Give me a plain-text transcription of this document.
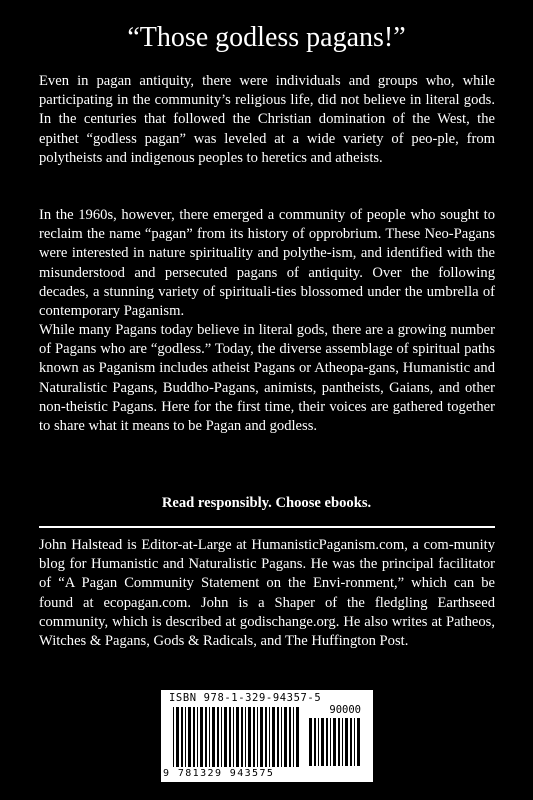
“Those godless pagans!”

Even in pagan antiquity, there were individuals and groups who, while participating in the community’s religious life, did not believe in literal gods. In the centuries that followed the Christian domination of the West, the epithet “godless pagan” was leveled at a wide variety of peo-ple, from polytheists and indigenous peoples to heretics and atheists.

In the 1960s, however, there emerged a community of people who sought to reclaim the name “pagan” from its history of opprobrium. These Neo-Pagans were interested in nature spirituality and polythe-ism, and identified with the misunderstood and persecuted pagans of antiquity. Over the following decades, a stunning variety of spirituali-ties blossomed under the umbrella of contemporary Paganism.

While many Pagans today believe in literal gods, there are a growing number of Pagans who are “godless.” Today, the diverse assemblage of spiritual paths known as Paganism includes atheist Pagans or Atheopa-gans, Humanistic and Naturalistic Pagans, Buddho-Pagans, animists, pantheists, Gaians, and other non-theistic Pagans. Here for the first time, their voices are gathered together to share what it means to be Pagan and godless.

Read responsibly. Choose ebooks.

John Halstead is Editor-at-Large at HumanisticPaganism.com, a com-munity blog for Humanistic and Naturalistic Pagans. He was the principal facilitator of “A Pagan Community Statement on the Envi-ronment,” which can be found at ecopagan.com. John is a Shaper of the fledgling Earthseed community, which is described at godischange.org. He also writes at Patheos, Witches & Pagans, Gods & Radicals, and The Huffington Post.

ISBN 978-1-329-94357-5
90000
9 781329 943575
